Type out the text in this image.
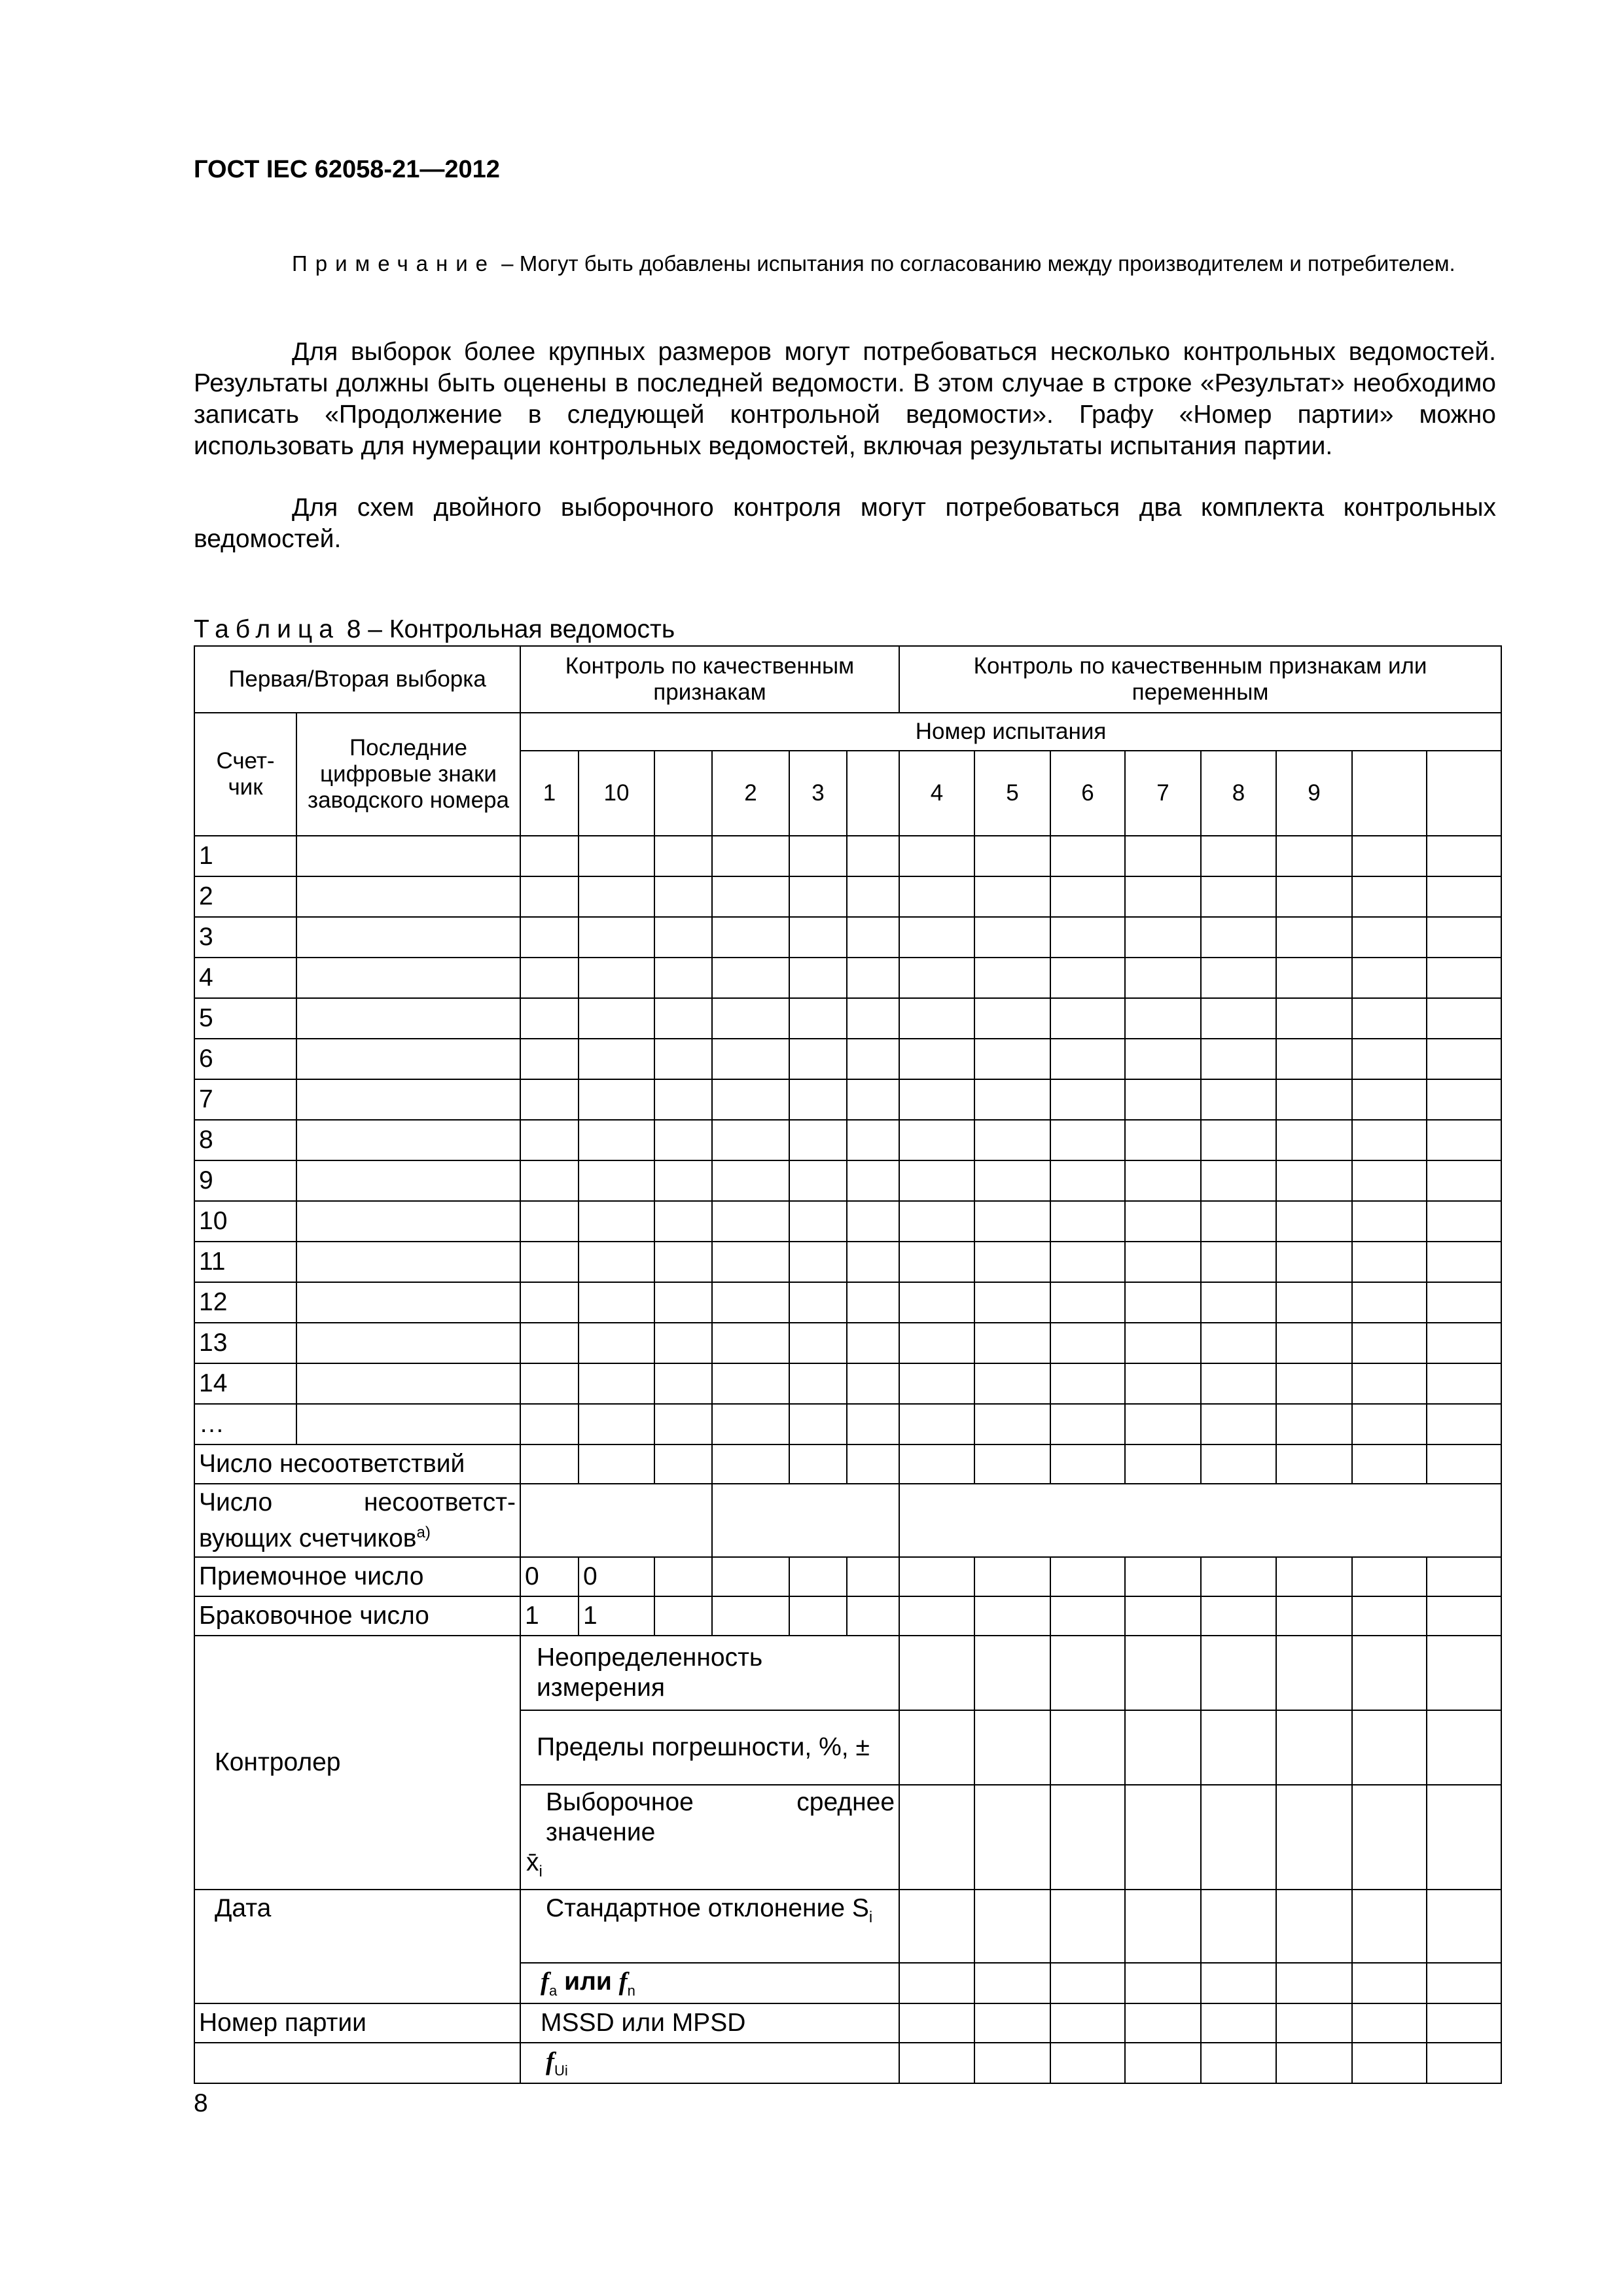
ГОСТ IEC 62058-21—2012
Примечание – Могут быть добавлены испытания по согласованию между производителем и потребителем.
Для выборок более крупных размеров могут потребоваться несколько контрольных ведомостей. Результаты должны быть оценены в последней ведомости. В этом случае в строке «Результат» необходимо записать «Продолжение в следующей контрольной ведомости». Графу «Номер партии» можно использовать для нумерации контрольных ведомостей, включая результаты испытания партии.
Для схем двойного выборочного контроля могут потребоваться два комплекта контрольных ведомостей.
Таблица 8 – Контрольная ведомость
Первая/Вторая выборка		Контроль по качественным признакам						Контроль по качественным признакам или переменным							
Счет-чик	Последние цифровые знаки заводского номера	Номер испытания													
		1	10		2	3		4	5	6	7	8	9		
1															
2															
3															
4															
5															
6															
7															
8															
9															
10															
11															
12															
13															
14															
…															
Число несоответствий															
Число несоответст-вующих счетчиков$^{а)}$			
Приемочное число		0	0												
Браковочное число		1	1												
Контролер		Неопределенность измерения													
		Пределы погрешности, %, ±													

		Выборочное среднее значение
$x̄_i$								
Дата		Стандартное отклонение $S_i$								
		$f_a$ или $f_n$								
Номер партии		MSSD или MPSD													
		$f_{Ui}$								
8
